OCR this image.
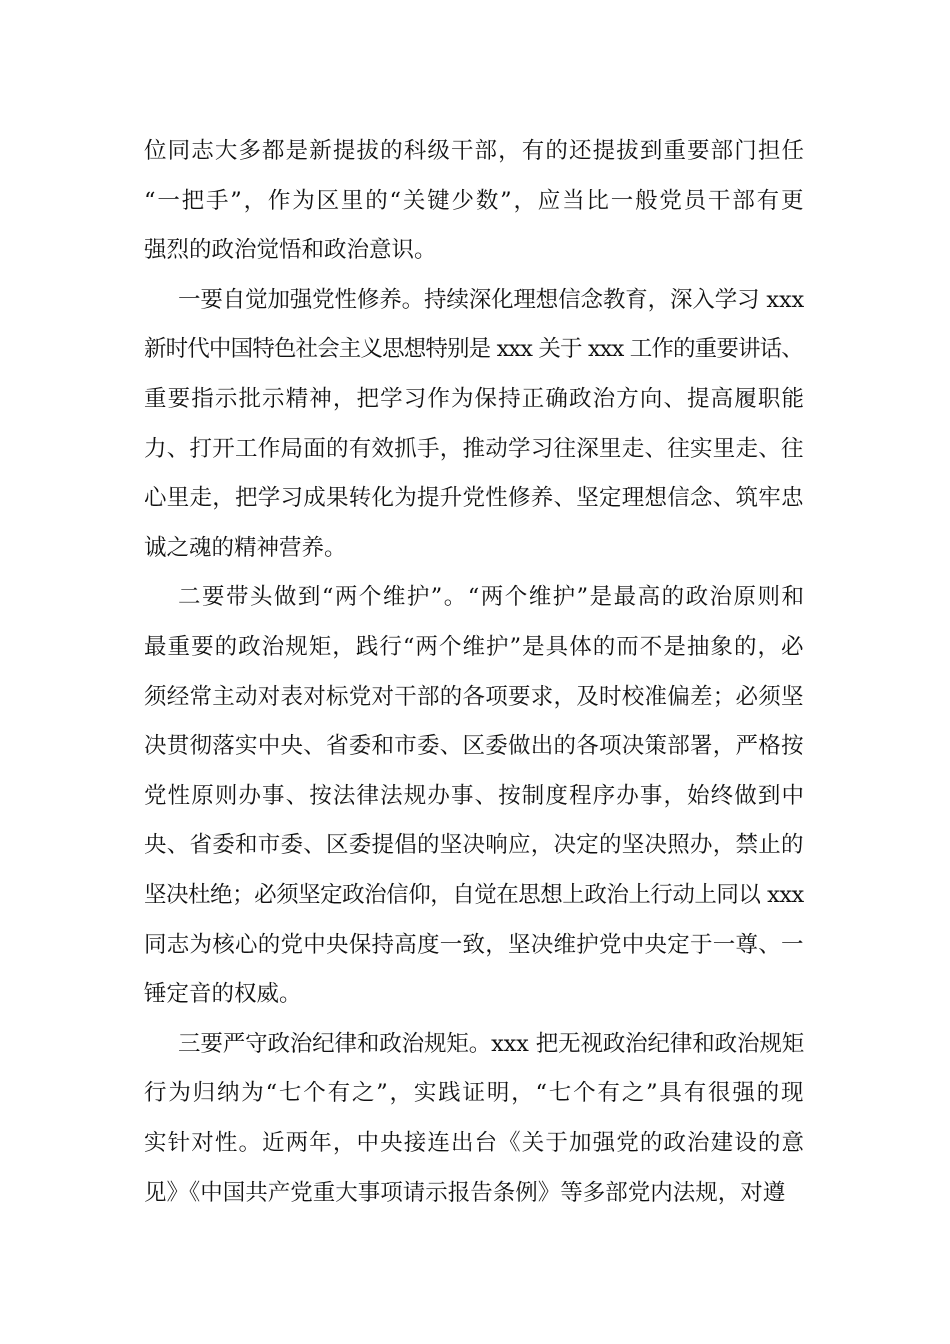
位同志大多都是新提拔的科级干部，有的还提拔到重要部门担任

“一把手”，作为区里的“关键少数”，应当比一般党员干部有更

强烈的政治觉悟和政治意识。

一要自觉加强党性修养。持续深化理想信念教育，深入学习 xxx

新时代中国特色社会主义思想特别是 xxx 关于 xxx 工作的重要讲话、

重要指示批示精神，把学习作为保持正确政治方向、提高履职能

力、打开工作局面的有效抓手，推动学习往深里走、往实里走、往

心里走，把学习成果转化为提升党性修养、坚定理想信念、筑牢忠

诚之魂的精神营养。

二要带头做到“两个维护”。“两个维护”是最高的政治原则和

最重要的政治规矩，践行“两个维护”是具体的而不是抽象的，必

须经常主动对表对标党对干部的各项要求，及时校准偏差；必须坚

决贯彻落实中央、省委和市委、区委做出的各项决策部署，严格按

党性原则办事、按法律法规办事、按制度程序办事，始终做到中

央、省委和市委、区委提倡的坚决响应，决定的坚决照办，禁止的

坚决杜绝；必须坚定政治信仰，自觉在思想上政治上行动上同以 xxx

同志为核心的党中央保持高度一致，坚决维护党中央定于一尊、一

锤定音的权威。

三要严守政治纪律和政治规矩。xxx 把无视政治纪律和政治规矩

行为归纳为“七个有之”，实践证明，“七个有之”具有很强的现

实针对性。近两年，中央接连出台《关于加强党的政治建设的意

见》《中国共产党重大事项请示报告条例》等多部党内法规，对遵
